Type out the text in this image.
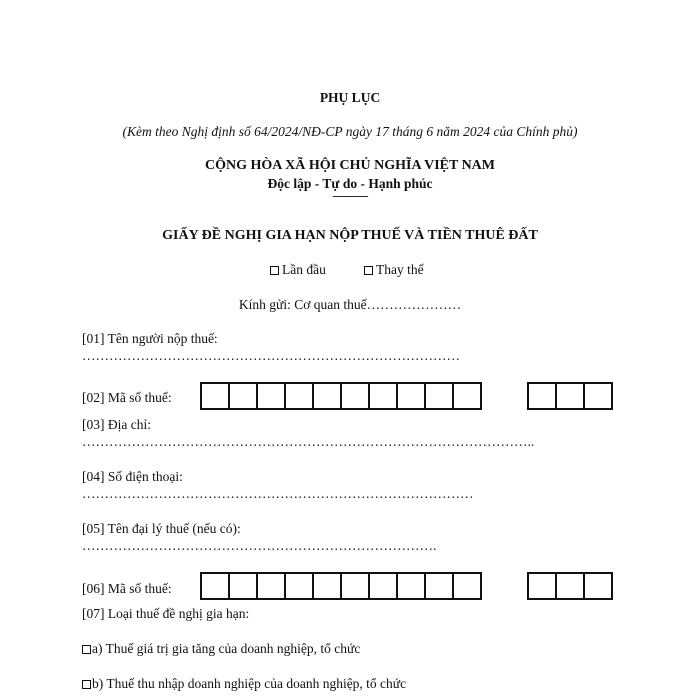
PHỤ LỤC
(Kèm theo Nghị định số 64/2024/NĐ-CP ngày 17 tháng 6 năm 2024 của Chính phủ)
CỘNG HÒA XÃ HỘI CHỦ NGHĨA VIỆT NAM
Độc lập - Tự do - Hạnh phúc
---------------
GIẤY ĐỀ NGHỊ GIA HẠN NỘP THUẾ VÀ TIỀN THUÊ ĐẤT
Lần đầu	Thay thế
Kính gửi: Cơ quan thuế…………………
[01] Tên người nộp thuế:
…………………………………………………………………………
[02] Mã số thuế:
[03] Địa chỉ:
………………………………………………………………………………………..
[04] Số điện thoại:
……………………………………………………………………………
[05] Tên đại lý thuế (nếu có):
…………………………………………………………………….
[06] Mã số thuế:
[07] Loại thuế đề nghị gia hạn:
a) Thuế giá trị gia tăng của doanh nghiệp, tổ chức
b) Thuế thu nhập doanh nghiệp của doanh nghiệp, tổ chức
